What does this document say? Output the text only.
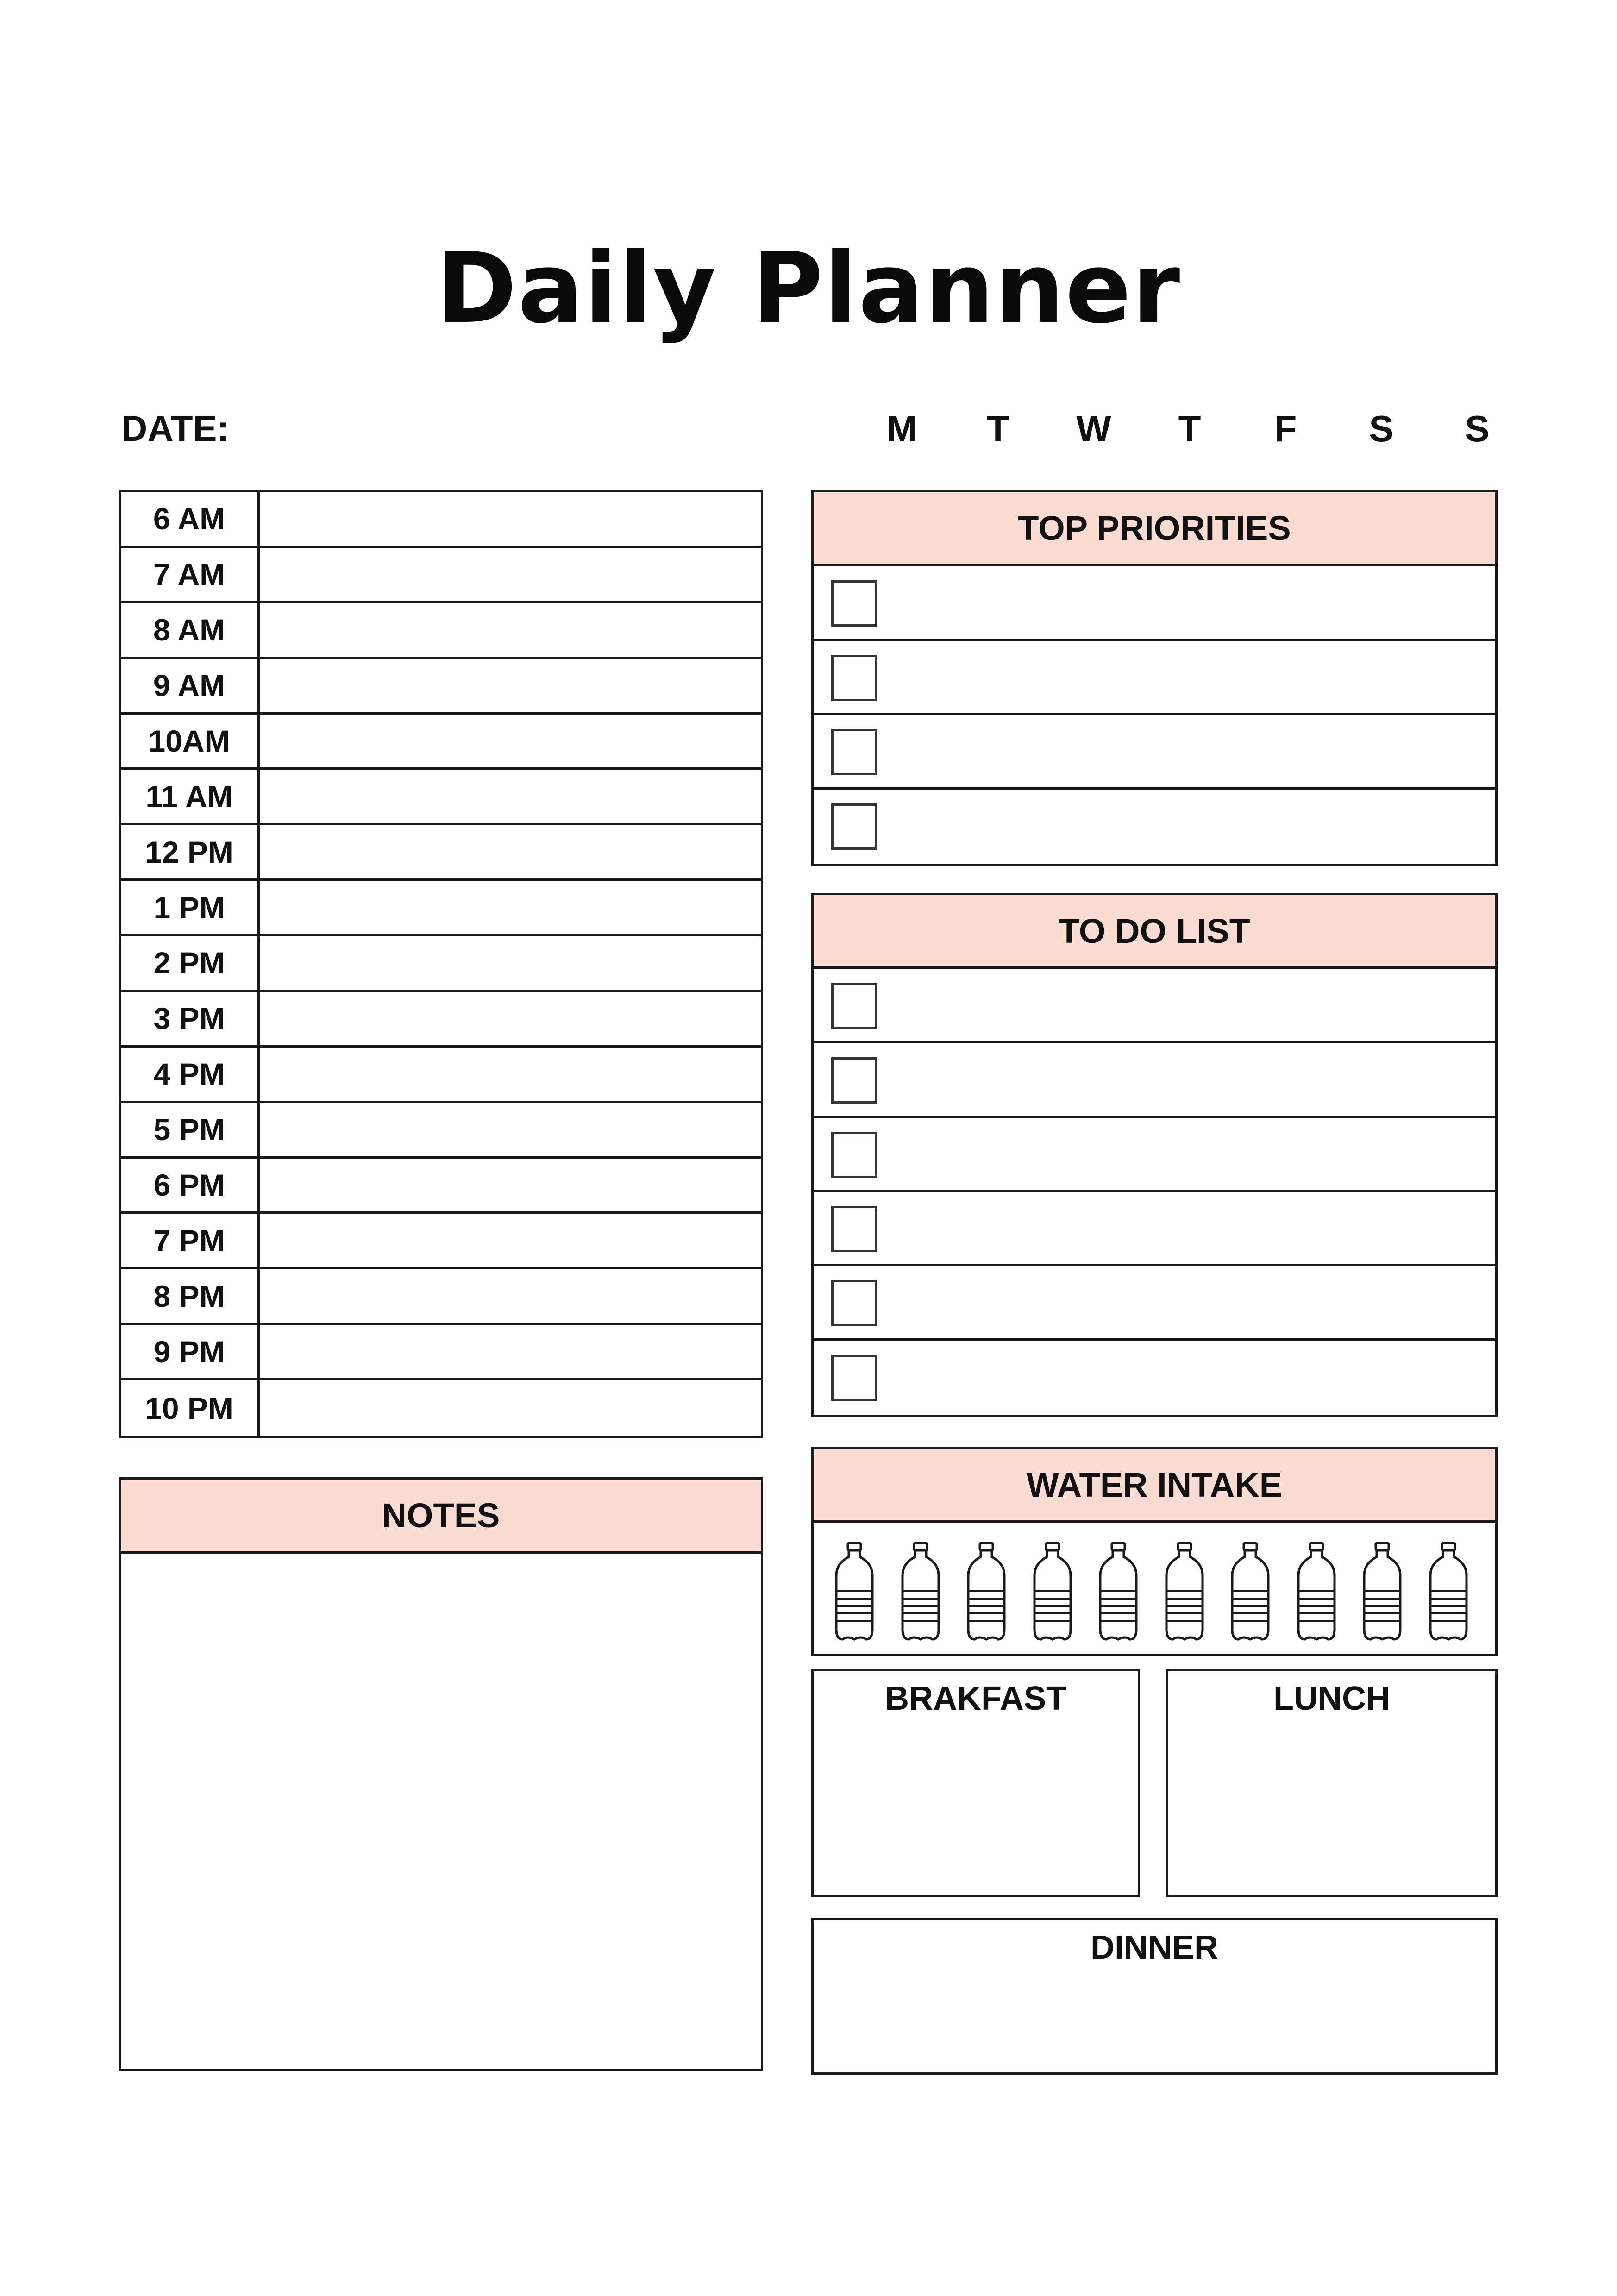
Daily Planner
DATE:	M	T	W	T	F	S	S
6 AM
7 AM
8 AM
9 AM
10AM
11 AM
12 PM
1 PM
2 PM
3 PM
4 PM
5 PM
6 PM
7 PM
8 PM
9 PM
10 PM
TOP PRIORITIES
TO DO LIST
WATER INTAKE
NOTES
BRAKFAST	LUNCH
DINNER
